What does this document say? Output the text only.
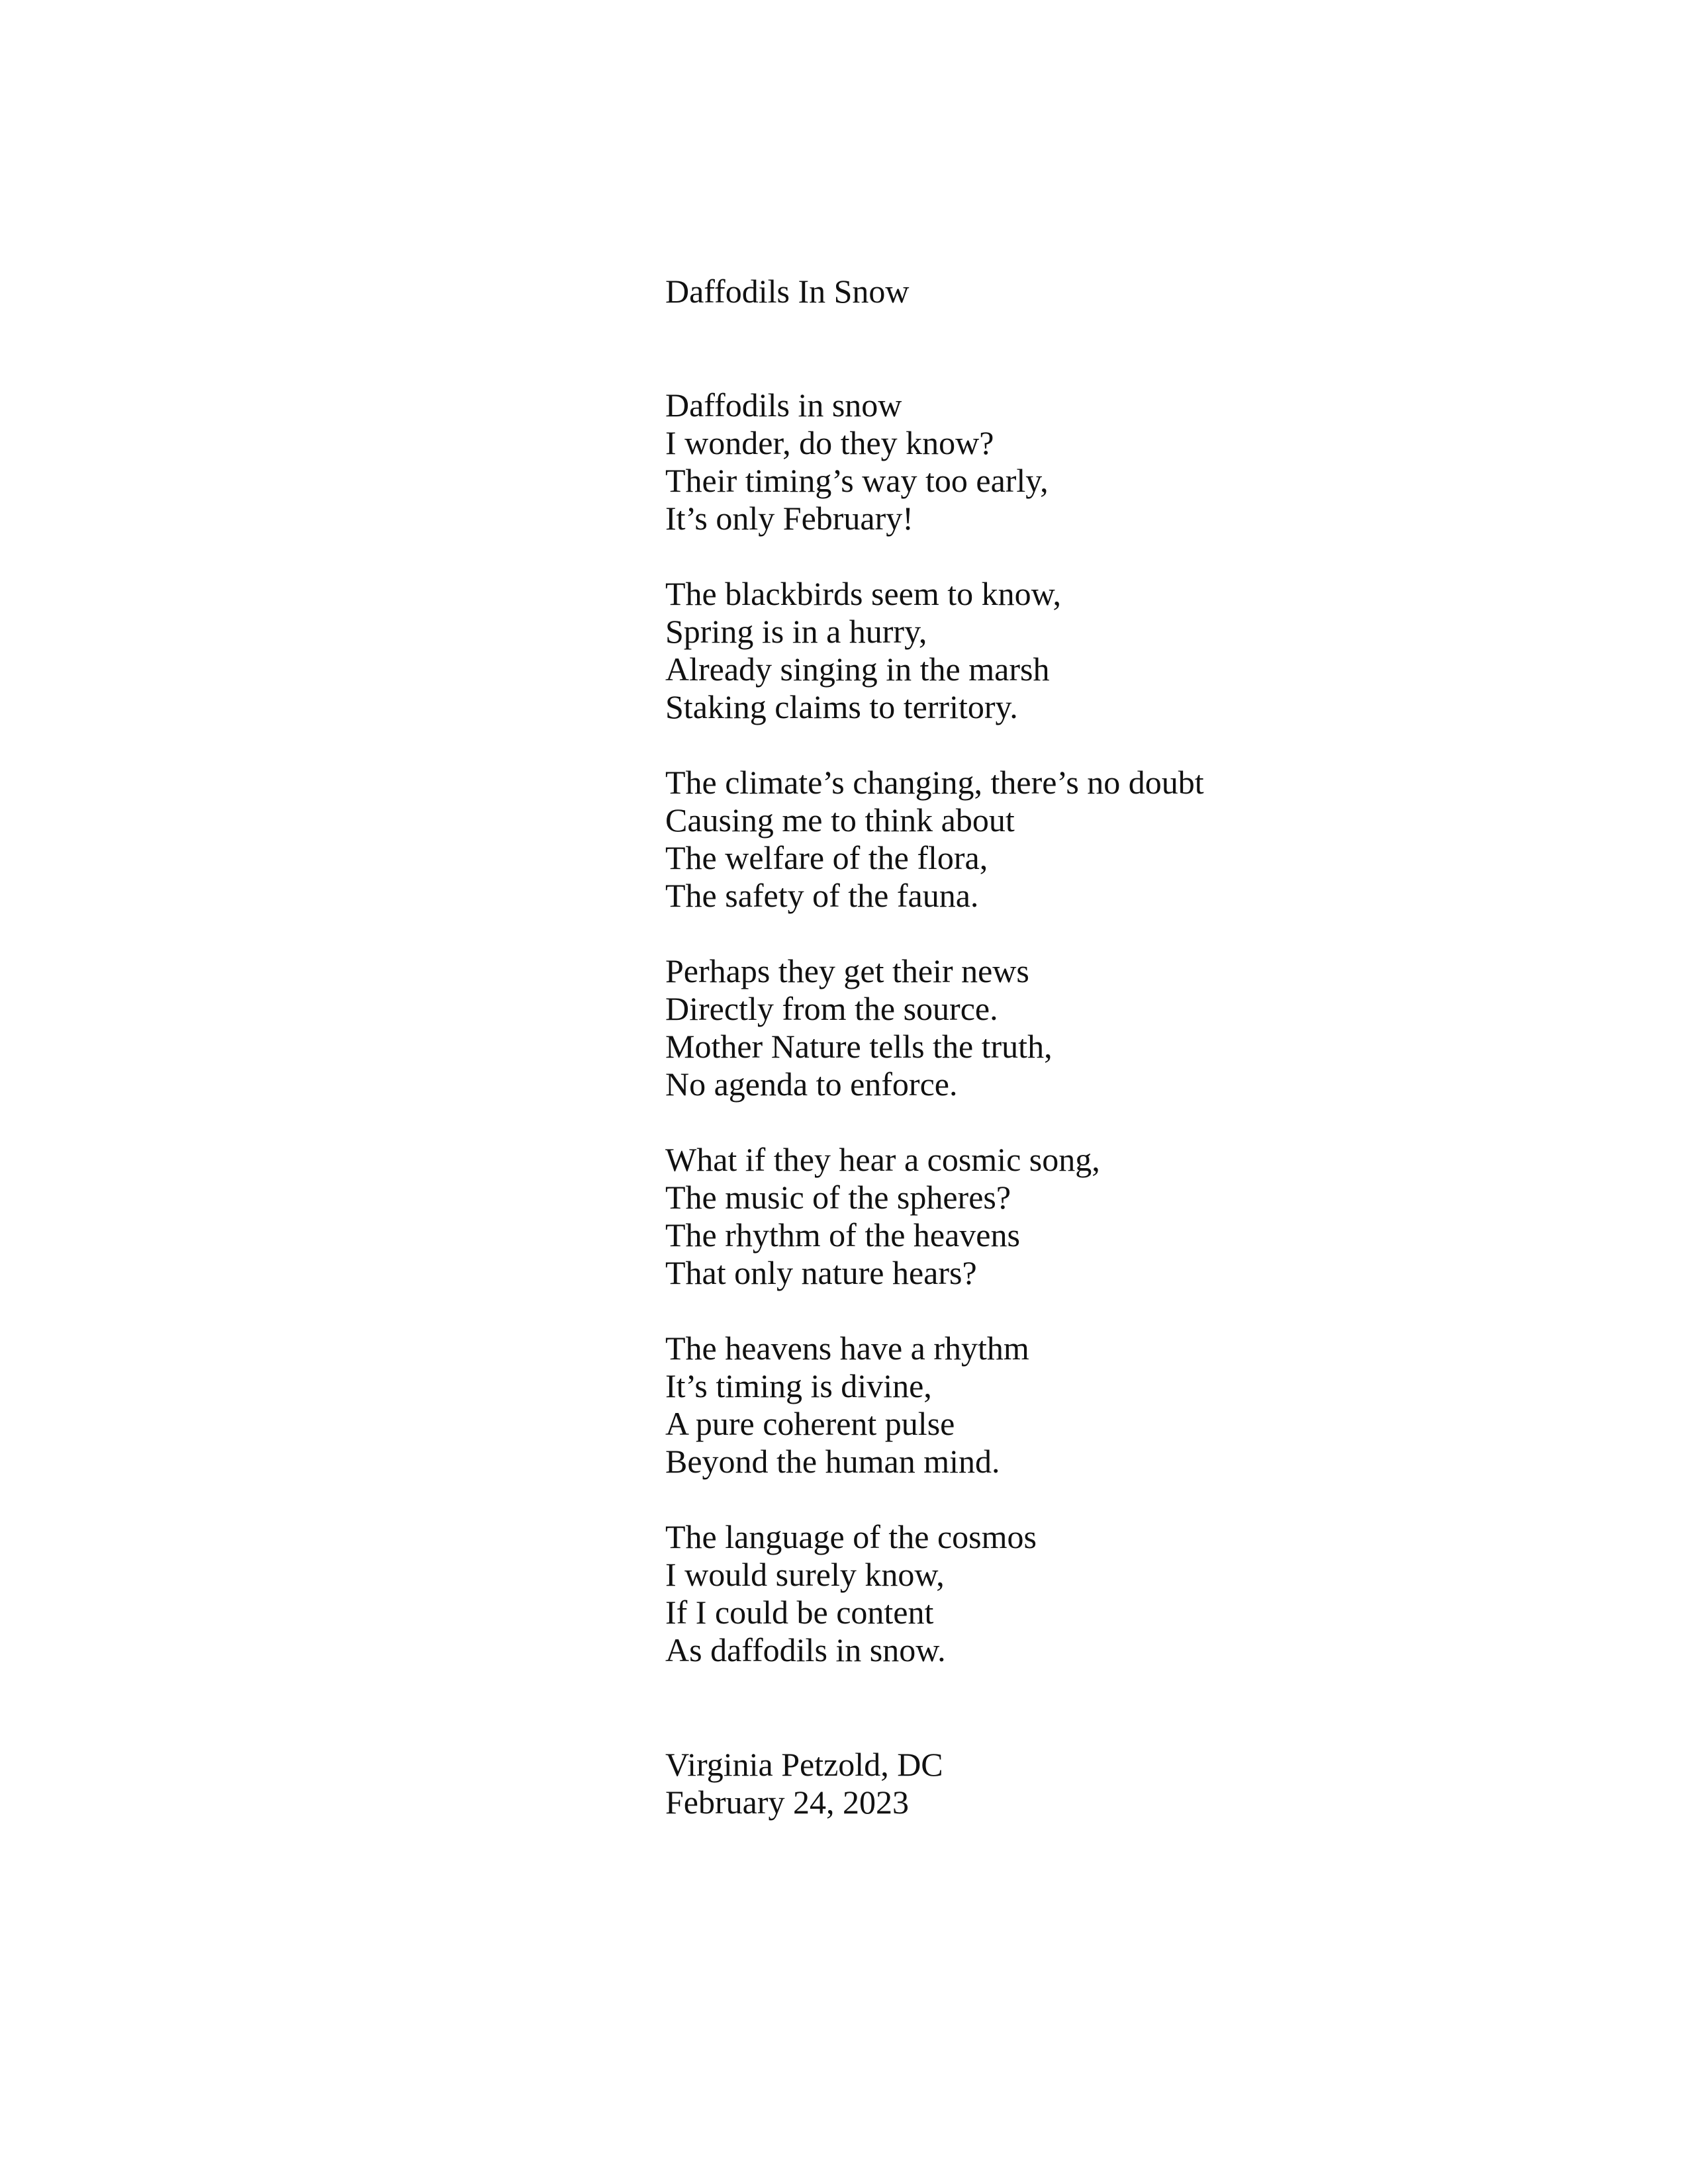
Daffodils In Snow
Daffodils in snow
I wonder, do they know?
Their timing’s way too early,
It’s only February!
The blackbirds seem to know,
Spring is in a hurry,
Already singing in the marsh
Staking claims to territory.
The climate’s changing, there’s no doubt
Causing me to think about
The welfare of the flora,
The safety of the fauna.
Perhaps they get their news
Directly from the source.
Mother Nature tells the truth,
No agenda to enforce.
What if they hear a cosmic song,
The music of the spheres?
The rhythm of the heavens
That only nature hears?
The heavens have a rhythm
It’s timing is divine,
A pure coherent pulse
Beyond the human mind.
The language of the cosmos
I would surely know,
If I could be content
As daffodils in snow.
Virginia Petzold, DC
February 24, 2023
